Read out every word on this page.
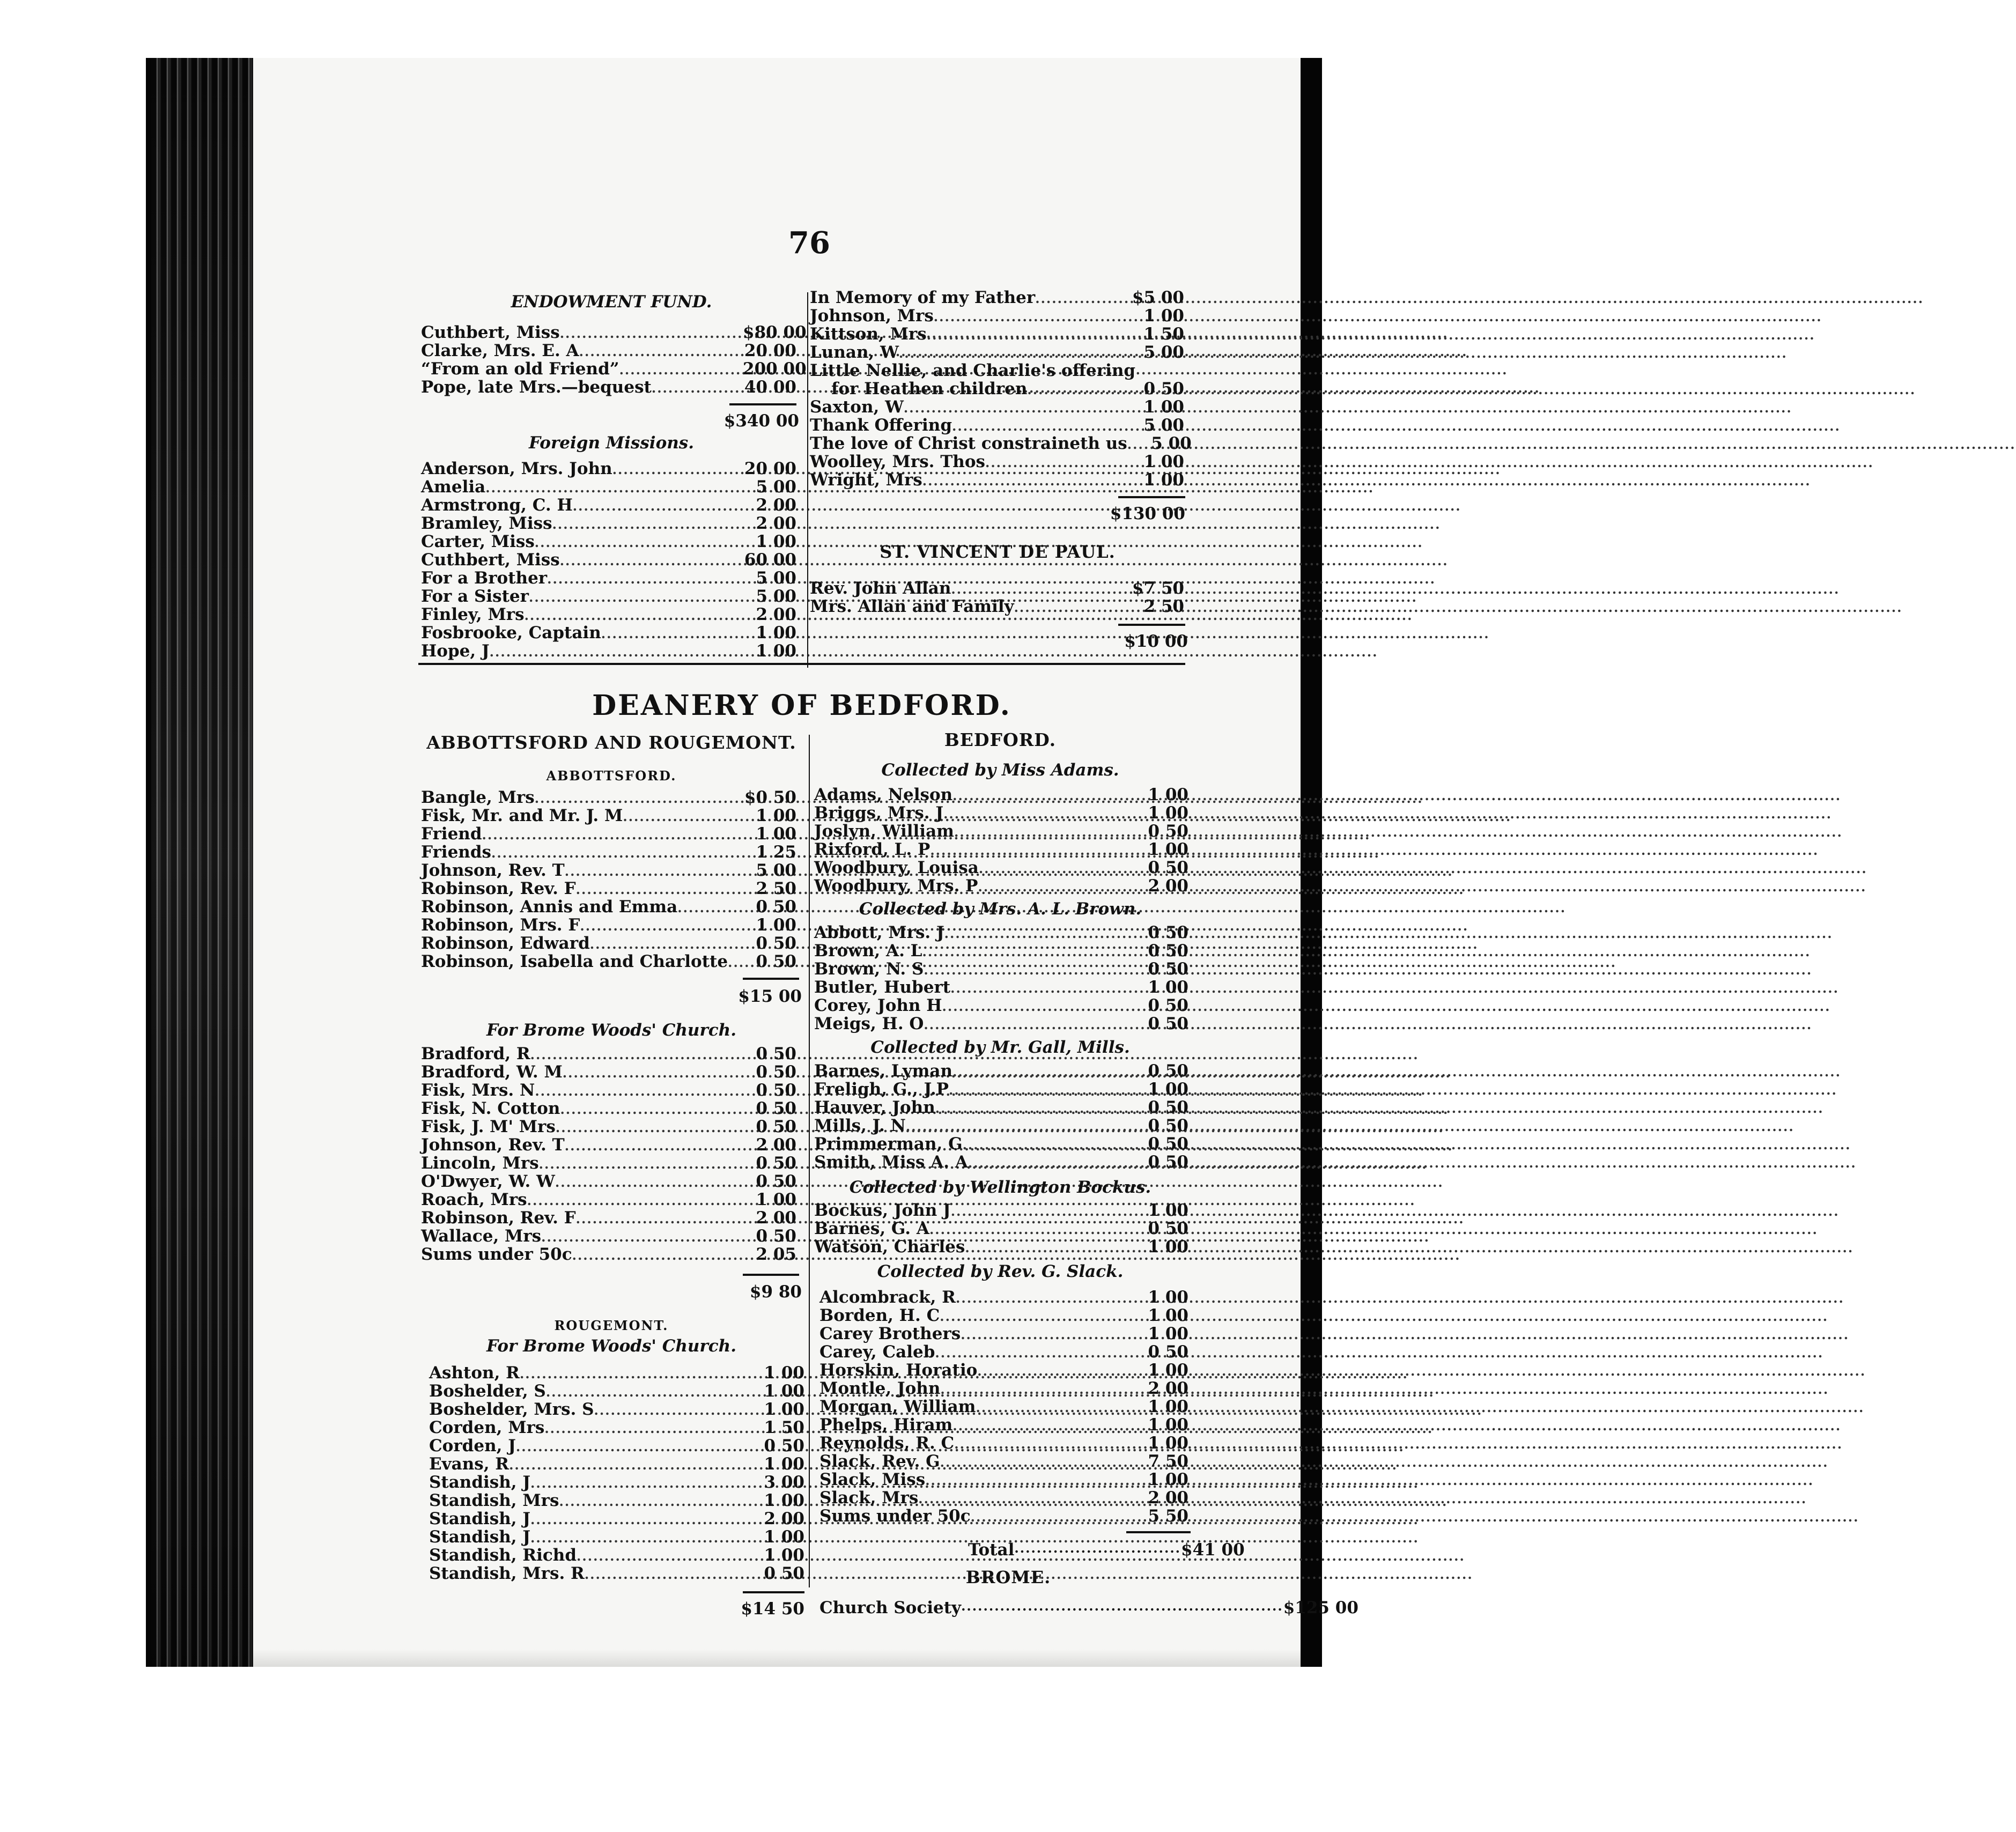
76
ENDOWMENT FUND.
Cuthbert, Miss .....	$80 00
Clarke, Mrs. E. A .....	20 00
“From an old Friend” .....	200 00
Pope, late Mrs.—bequest .....	40 00
$340 00
Foreign Missions.
Anderson, Mrs. John .....	20 00
Amelia .....	5 00
Armstrong, C. H .....	2 00
Bramley, Miss .....	2 00
Carter, Miss .....	1 00
Cuthbert, Miss .....	60 00
For a Brother .....	5 00
For a Sister .....	5 00
Finley, Mrs .....	2 00
Fosbrooke, Captain .....	1 00
Hope, J .....	1 00
In Memory of my Father .....	$5 00
Johnson, Mrs .....	1 00
Kittson, Mrs .....	1 50
Lunan, W .....	5 00
Little Nellie, and Charlie's offering
for Heathen children .....	0 50
Saxton, W .....	1 00
Thank Offering .....	5 00
The love of Christ constraineth us .....	5 00
Woolley, Mrs. Thos .....	1 00
Wright, Mrs .....	1 00
$130 00
ST. VINCENT DE PAUL.
Rev. John Allan .....	$7 50
Mrs. Allan and Family .....	2 50
$10 00
DEANERY OF BEDFORD.
ABBOTTSFORD AND ROUGEMONT.
ABBOTTSFORD.
Bangle, Mrs .....	$0 50
Fisk, Mr. and Mr. J. M .....	1 00
Friend .....	1 00
Friends .....	1 25
Johnson, Rev. T .....	5 00
Robinson, Rev. F .....	2 50
Robinson, Annis and Emma .....	0 50
Robinson, Mrs. F .....	1 00
Robinson, Edward .....	0 50
Robinson, Isabella and Charlotte .....	0 50
$15 00
For Brome Woods' Church.
Bradford, R .....	0 50
Bradford, W. M .....	0 50
Fisk, Mrs. N .....	0 50
Fisk, N. Cotton .....	0 50
Fisk, J. M' Mrs .....	0 50
Johnson, Rev. T .....	2 00
Lincoln, Mrs .....	0 50
O'Dwyer, W. W .....	0 50
Roach, Mrs .....	1 00
Robinson, Rev. F .....	2 00
Wallace, Mrs .....	0 50
Sums under 50c .....	2 05
$9 80
ROUGEMONT.
For Brome Woods' Church.
Ashton, R .....	1 00
Boshelder, S .....	1 00
Boshelder, Mrs. S .....	1 00
Corden, Mrs .....	1 50
Corden, J .....	0 50
Evans, R .....	1 00
Standish, J .....	3 00
Standish, Mrs .....	1 00
Standish, J .....	2 00
Standish, J .....	1 00
Standish, Richd .....	1 00
Standish, Mrs. R .....	0 50
$14 50
BEDFORD.
Collected by Miss Adams.
Adams, Nelson .....	1 00
Briggs, Mrs. J .....	1 00
Joslyn, William .....	0 50
Rixford, L. P .....	1 00
Woodbury, Louisa .....	0 50
Woodbury, Mrs. P .....	2 00
Collected by Mrs. A. L. Brown.
Abbott, Mrs. J .....	0 50
Brown, A. L .....	0 50
Brown, N. S .....	0 50
Butler, Hubert .....	1 00
Corey, John H .....	0 50
Meigs, H. O .....	0 50
Collected by Mr. Gall, Mills.
Barnes, Lyman .....	0 50
Freligh, G., J.P .....	1 00
Hauver, John .....	0 50
Mills, J. N .....	0 50
Primmerman, G .....	0 50
Smith, Miss A. A .....	0 50
Collected by Wellington Bockus.
Bockus, John J .....	1 00
Barnes, G. A .....	0 50
Watson, Charles .....	1 00
Collected by Rev. G. Slack.
Alcombrack, R .....	1 00
Borden, H. C .....	1 00
Carey Brothers .....	1 00
Carey, Caleb .....	0 50
Horskin, Horatio .....	1 00
Montle, John .....	2 00
Morgan, William .....	1 00
Phelps, Hiram .....	1 00
Reynolds, R. C .....	1 00
Slack, Rev. G .....	7 50
Slack, Miss .....	1 00
Slack, Mrs .....	2 00
Sums under 50c .....	5 50
Total .............................. $41 00
BROME.
Church Society .......................................................... $125 00
